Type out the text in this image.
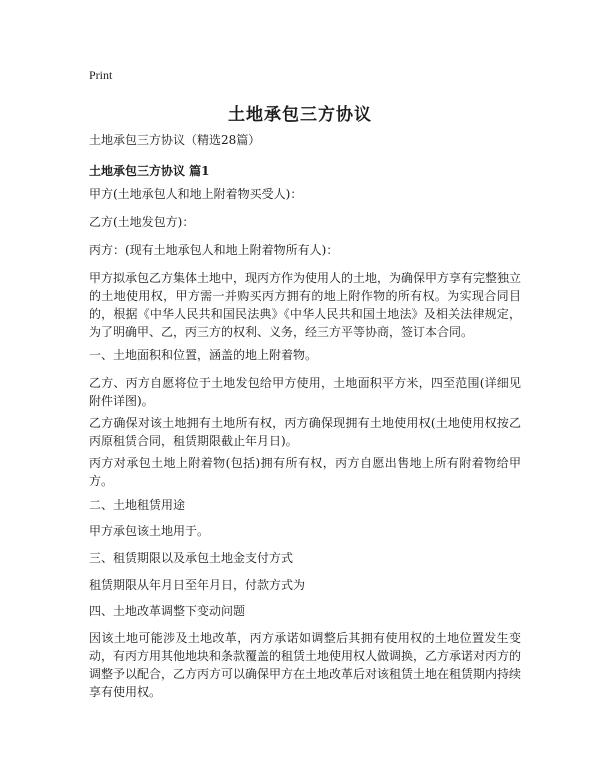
Print
土地承包三方协议
土地承包三方协议（精选28篇）
土地承包三方协议 篇1
甲方(土地承包人和地上附着物买受人)：
乙方(土地发包方)：
丙方：(现有土地承包人和地上附着物所有人)：
甲方拟承包乙方集体土地中，现丙方作为使用人的土地，为确保甲方享有完整独立的土地使用权，甲方需一并购买丙方拥有的地上附作物的所有权。为实现合同目的，根据《中华人民共和国民法典》《中华人民共和国土地法》及相关法律规定，为了明确甲、乙，丙三方的权利、义务，经三方平等协商，签订本合同。
一、土地面积和位置，涵盖的地上附着物。
乙方、丙方自愿将位于土地发包给甲方使用，土地面积平方米，四至范围(详细见附件详图)。
乙方确保对该土地拥有土地所有权，丙方确保现拥有土地使用权(土地使用权按乙丙原租赁合同，租赁期限截止年月日)。
丙方对承包土地上附着物(包括)拥有所有权，丙方自愿出售地上所有附着物给甲方。
二、土地租赁用途
甲方承包该土地用于。
三、租赁期限以及承包土地金支付方式
租赁期限从年月日至年月日，付款方式为
四、土地改革调整下变动问题
因该土地可能涉及土地改革，丙方承诺如调整后其拥有使用权的土地位置发生变动，有丙方用其他地块和条款覆盖的租赁土地使用权人做调换，乙方承诺对丙方的调整予以配合，乙方丙方可以确保甲方在土地改革后对该租赁土地在租赁期内持续享有使用权。
